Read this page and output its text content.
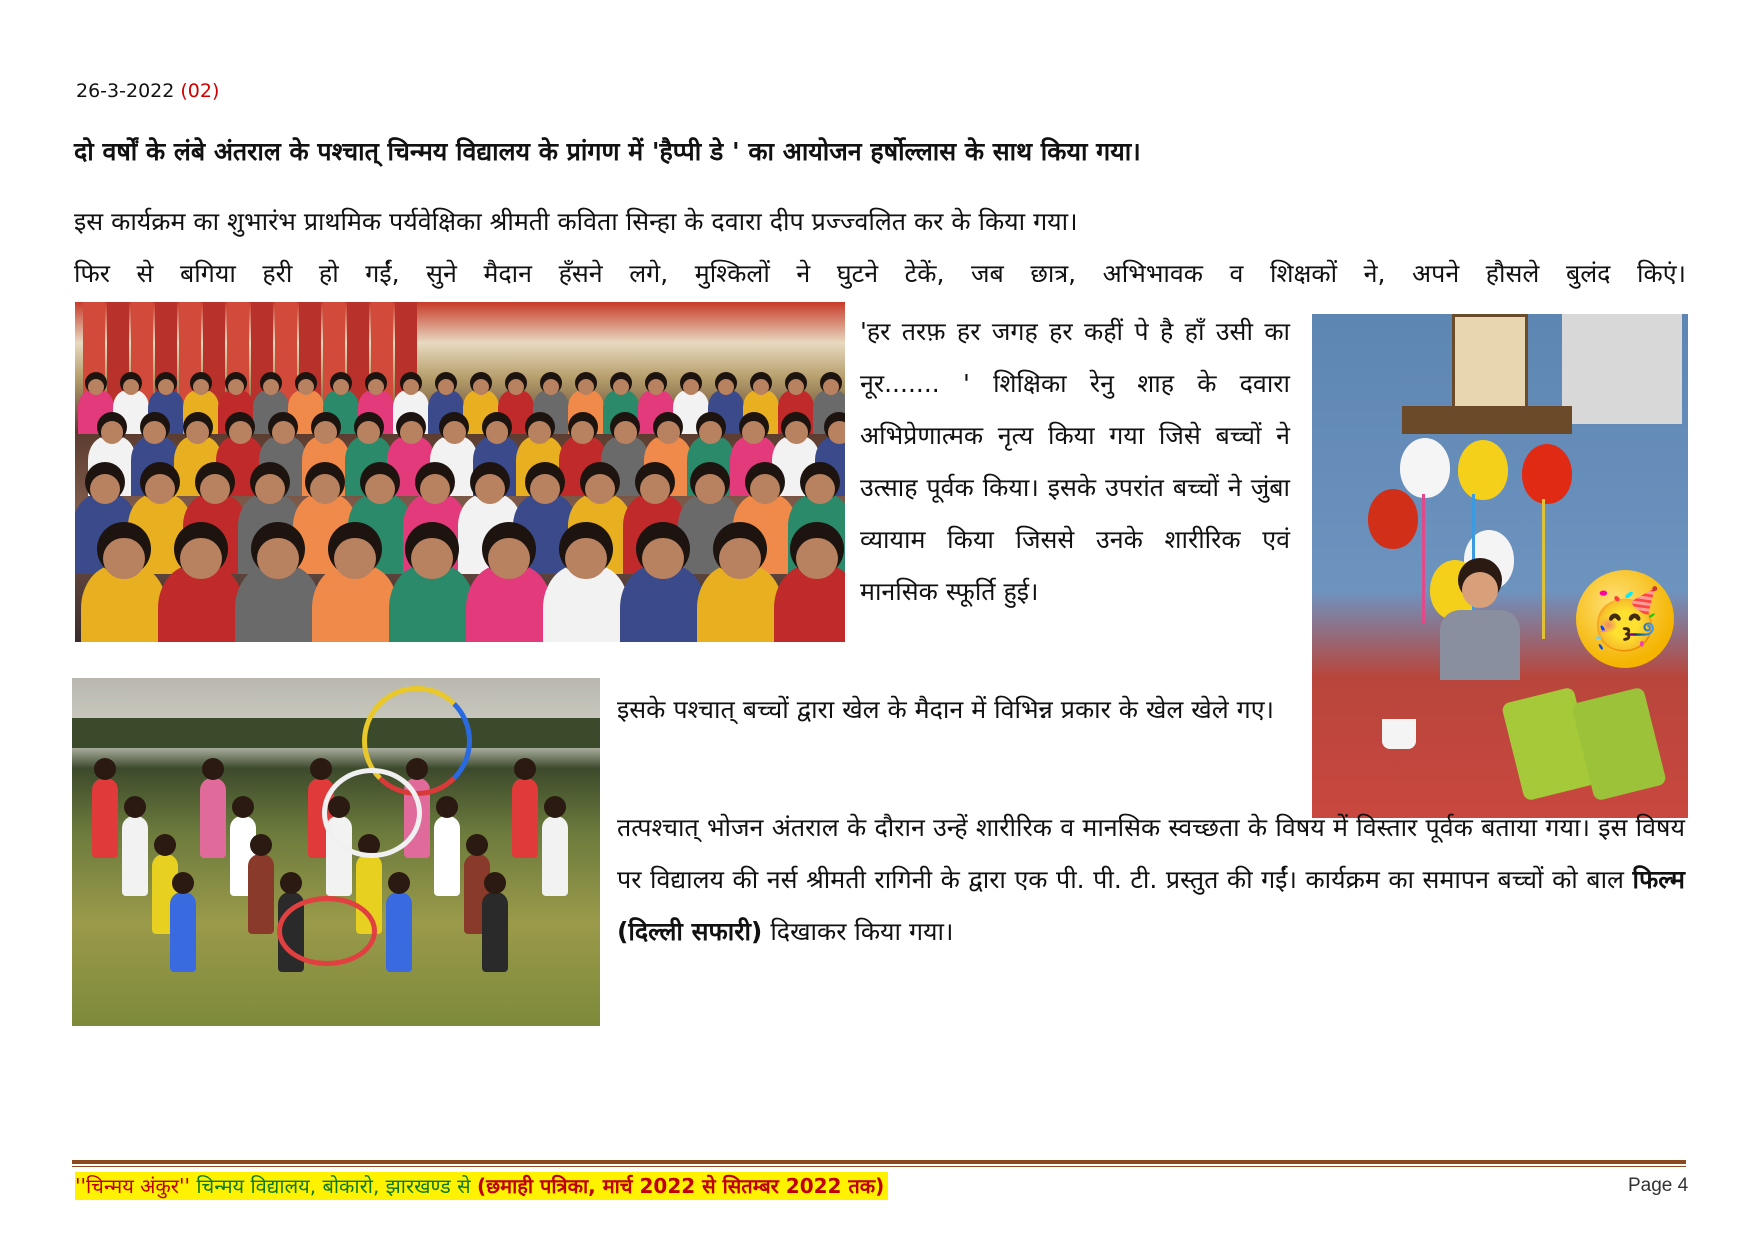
26-3-2022 (02)
दो वर्षों के लंबे अंतराल के पश्चात् चिन्मय विद्यालय के प्रांगण में 'हैप्पी डे ' का आयोजन हर्षोल्लास के साथ किया गया।
इस कार्यक्रम का शुभारंभ प्राथमिक पर्यवेक्षिका श्रीमती कविता सिन्हा के दवारा दीप प्रज्ज्वलित कर के किया गया।
फिर से बगिया हरी हो गईं, सुने मैदान हँसने लगे, मुश्किलों ने घुटने टेकें, जब छात्र, अभिभावक व शिक्षकों ने, अपने हौसले बुलंद किएं।

'हर तरफ़ हर जगह हर कहीं पे है हाँ उसी का नूर....... ' शिक्षिका रेनु शाह के दवारा अभिप्रेणात्मक नृत्य किया गया जिसे बच्चों ने उत्साह पूर्वक किया। इसके उपरांत बच्चों ने जुंबा व्यायाम किया जिससे उनके शारीरिक एवं मानसिक स्फूर्ति हुई।	🥳
इसके पश्चात् बच्चों द्वारा खेल के मैदान में विभिन्न प्रकार के खेल खेले गए।
तत्पश्चात् भोजन अंतराल के दौरान उन्हें शारीरिक व मानसिक स्वच्छता के विषय में विस्तार पूर्वक बताया गया। इस विषय पर विद्यालय की नर्स श्रीमती रागिनी के द्वारा एक पी. पी. टी. प्रस्तुत की गईं। कार्यक्रम का समापन बच्चों को बाल फिल्म (दिल्ली सफारी) दिखाकर किया गया।
''चिन्मय अंकुर'' चिन्मय विद्यालय, बोकारो, झारखण्ड से (छमाही पत्रिका, मार्च 2022 से सितम्बर 2022 तक)	Page 4
